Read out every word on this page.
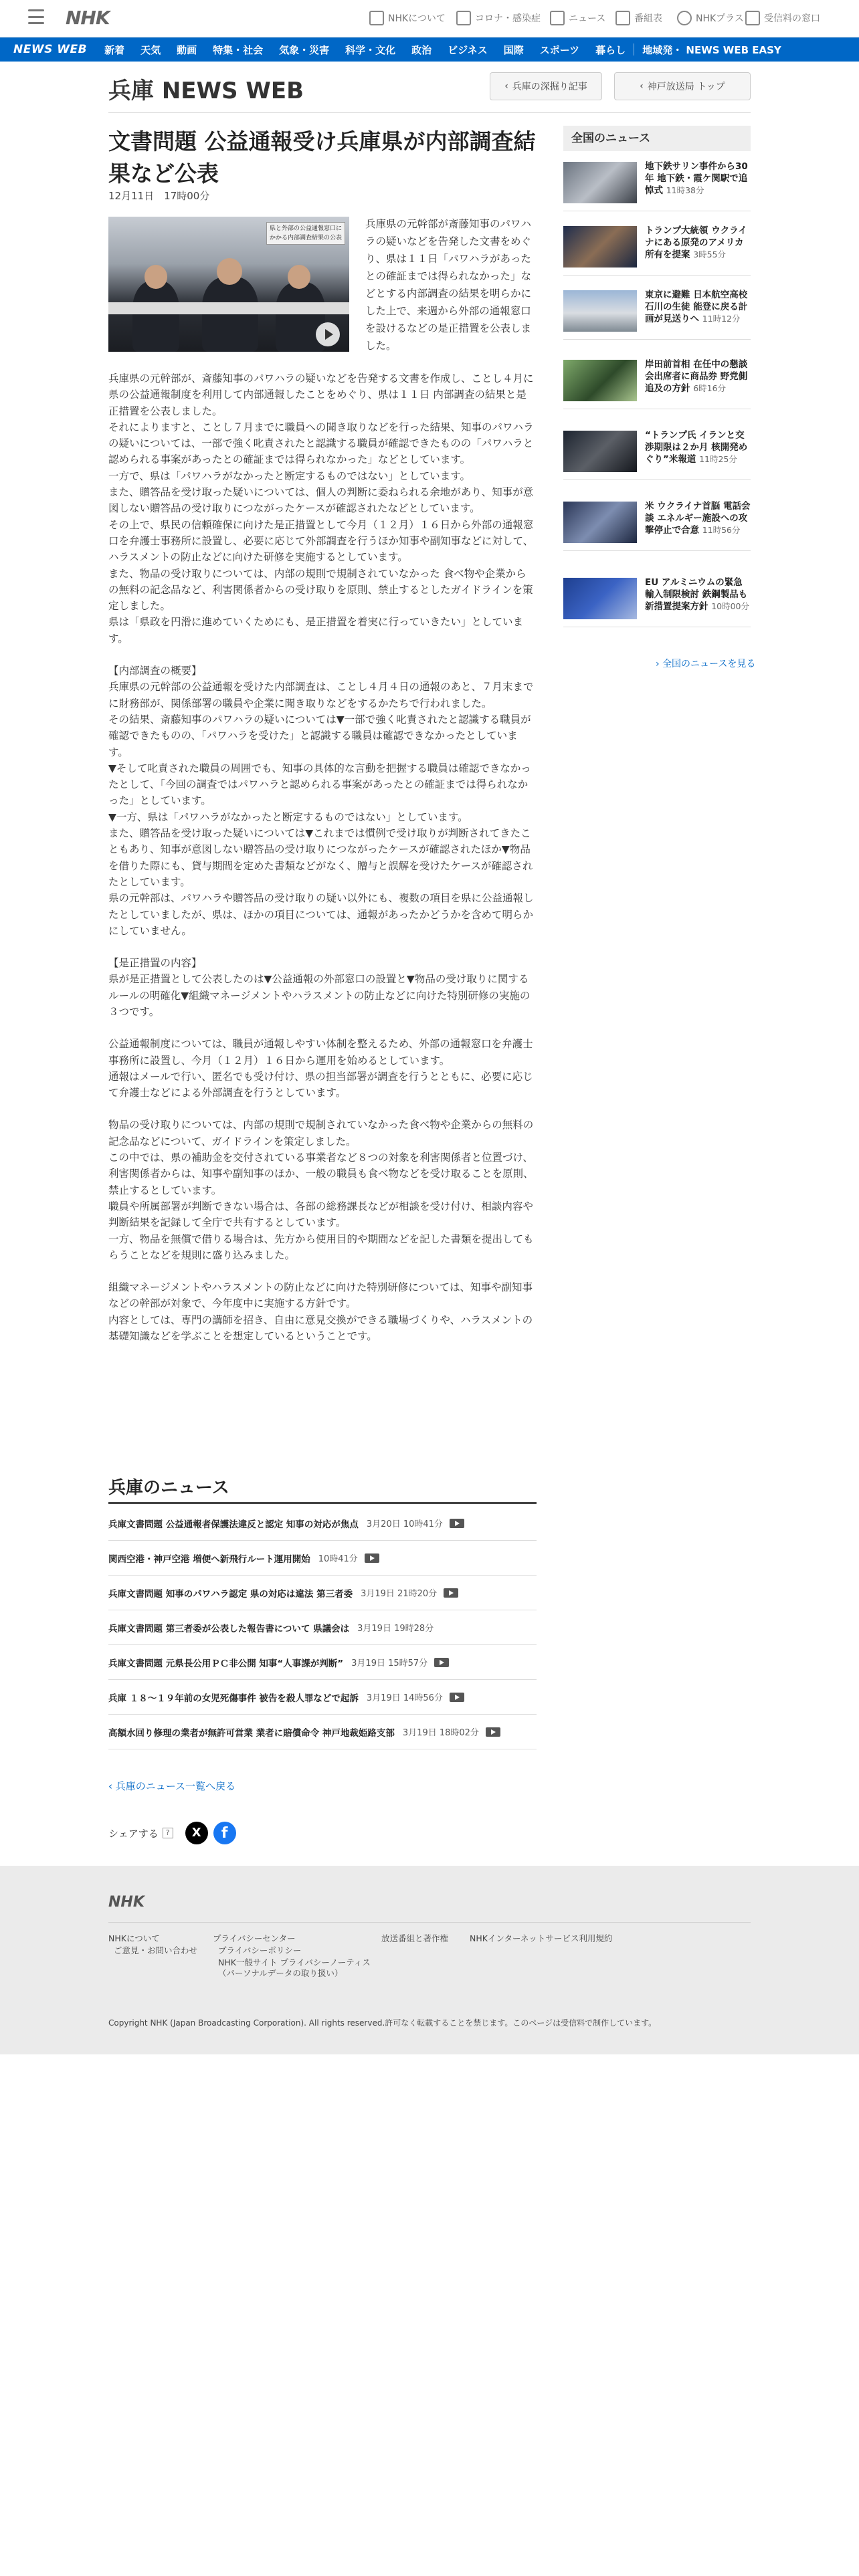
NHK	NHKについて	コロナ・感染症	ニュース	番組表	NHKプラス 受信料の窓口
NEWS WEB	新着	天気	動画	特集・社会	気象・災害	科学・文化	政治	ビジネス	国際	スポーツ	暮らし	地域発・ NEWS WEB EASY
兵庫 NEWS WEB	‹ 兵庫の深掘り記事	‹ 神戸放送局 トップ
文書問題 公益通報受け兵庫県が内部調査結果など公表
12月11日　17時00分
県と外部の公益通報窓口にかかる内部調査結果の公表

兵庫県の元幹部が斎藤知事のパワハラの疑いなどを告発した文書をめぐり、県は１１日「パワハラがあったとの確証までは得られなかった」などとする内部調査の結果を明らかにした上で、来週から外部の通報窓口を設けるなどの是正措置を公表しました。

兵庫県の元幹部が、斎藤知事のパワハラの疑いなどを告発する文書を作成し、ことし４月に県の公益通報制度を利用して内部通報したことをめぐり、県は１１日 内部調査の結果と是正措置を公表しました。
それによりますと、ことし７月までに職員への聞き取りなどを行った結果、知事のパワハラの疑いについては、一部で強く叱責されたと認識する職員が確認できたものの「パワハラと認められる事案があったとの確証までは得られなかった」などとしています。
一方で、県は「パワハラがなかったと断定するものではない」としています。
また、贈答品を受け取った疑いについては、個人の判断に委ねられる余地があり、知事が意図しない贈答品の受け取りにつながったケースが確認されたなどとしています。
その上で、県民の信頼確保に向けた是正措置として今月（１２月）１６日から外部の通報窓口を弁護士事務所に設置し、必要に応じて外部調査を行うほか知事や副知事などに対して、ハラスメントの防止などに向けた研修を実施するとしています。
また、物品の受け取りについては、内部の規則で規制されていなかった 食べ物や企業からの無料の記念品など、利害関係者からの受け取りを原則、禁止するとしたガイドラインを策定しました。
県は「県政を円滑に進めていくためにも、是正措置を着実に行っていきたい」としています。

【内部調査の概要】
兵庫県の元幹部の公益通報を受けた内部調査は、ことし４月４日の通報のあと、７月末までに財務部が、関係部署の職員や企業に聞き取りなどをするかたちで行われました。
その結果、斎藤知事のパワハラの疑いについては▼一部で強く叱責されたと認識する職員が確認できたものの、「パワハラを受けた」と認識する職員は確認できなかったとしています。
▼そして叱責された職員の周囲でも、知事の具体的な言動を把握する職員は確認できなかったとして、「今回の調査ではパワハラと認められる事案があったとの確証までは得られなかった」としています。
▼一方、県は「パワハラがなかったと断定するものではない」としています。
また、贈答品を受け取った疑いについては▼これまでは慣例で受け取りが判断されてきたこともあり、知事が意図しない贈答品の受け取りにつながったケースが確認されたほか▼物品を借りた際にも、貸与期間を定めた書類などがなく、贈与と誤解を受けたケースが確認されたとしています。
県の元幹部は、パワハラや贈答品の受け取りの疑い以外にも、複数の項目を県に公益通報したとしていましたが、県は、ほかの項目については、通報があったかどうかを含めて明らかにしていません。

【是正措置の内容】
県が是正措置として公表したのは▼公益通報の外部窓口の設置と▼物品の受け取りに関するルールの明確化▼組織マネージメントやハラスメントの防止などに向けた特別研修の実施の３つです。

公益通報制度については、職員が通報しやすい体制を整えるため、外部の通報窓口を弁護士事務所に設置し、今月（１２月）１６日から運用を始めるとしています。
通報はメールで行い、匿名でも受け付け、県の担当部署が調査を行うとともに、必要に応じて弁護士などによる外部調査を行うとしています。

物品の受け取りについては、内部の規則で規制されていなかった食べ物や企業からの無料の記念品などについて、ガイドラインを策定しました。
この中では、県の補助金を交付されている事業者など８つの対象を利害関係者と位置づけ、利害関係者からは、知事や副知事のほか、一般の職員も食べ物などを受け取ることを原則、禁止するとしています。
職員や所属部署が判断できない場合は、各部の総務課長などが相談を受け付け、相談内容や判断結果を記録して全庁で共有するとしています。
一方、物品を無償で借りる場合は、先方から使用目的や期間などを記した書類を提出してもらうことなどを規則に盛り込みました。

組織マネージメントやハラスメントの防止などに向けた特別研修については、知事や副知事などの幹部が対象で、今年度中に実施する方針です。
内容としては、専門の講師を招き、自由に意見交換ができる職場づくりや、ハラスメントの基礎知識などを学ぶことを想定しているということです。

兵庫のニュース
兵庫文書問題 公益通報者保護法違反と認定 知事の対応が焦点 3月20日 10時41分
関西空港・神戸空港 増便へ新飛行ルート運用開始 10時41分
兵庫文書問題 知事のパワハラ認定 県の対応は違法 第三者委 3月19日 21時20分
兵庫文書問題 第三者委が公表した報告書について 県議会は 3月19日 19時28分
兵庫文書問題 元県長公用ＰＣ非公開 知事“人事課が判断” 3月19日 15時57分
兵庫 １８～１９年前の女児死傷事件 被告を殺人罪などで起訴 3月19日 14時56分
高額水回り修理の業者が無許可営業 業者に賠償命令 神戸地裁姫路支部 3月19日 18時02分
‹ 兵庫のニュース一覧へ戻る
シェアする	?	X	f
全国のニュース
地下鉄サリン事件から30年 地下鉄・霞ケ関駅で追悼式 11時38分
トランプ大統領 ウクライナにある原発のアメリカ所有を提案 3時55分
東京に避難 日本航空高校石川の生徒 能登に戻る計画が見送りへ 11時12分
岸田前首相 在任中の懇談会出席者に商品券 野党側 追及の方針 6時16分
“トランプ氏 イランと交渉期限は２か月 核開発めぐり”米報道 11時25分
米 ウクライナ首脳 電話会談 エネルギー施設への攻撃停止で合意 11時56分
EU アルミニウムの緊急輸入制限検討 鉄鋼製品も新措置提案方針 10時00分
› 全国のニュースを見る
NHK
NHKについて
ご意見・お問い合わせ
プライバシーセンター
プライバシーポリシー
NHK一般サイト プライバシーノーティス
（パーソナルデータの取り扱い）
放送番組と著作権	NHKインターネットサービス利用規約
Copyright NHK (Japan Broadcasting Corporation). All rights reserved.許可なく転載することを禁じます。このページは受信料で制作しています。
